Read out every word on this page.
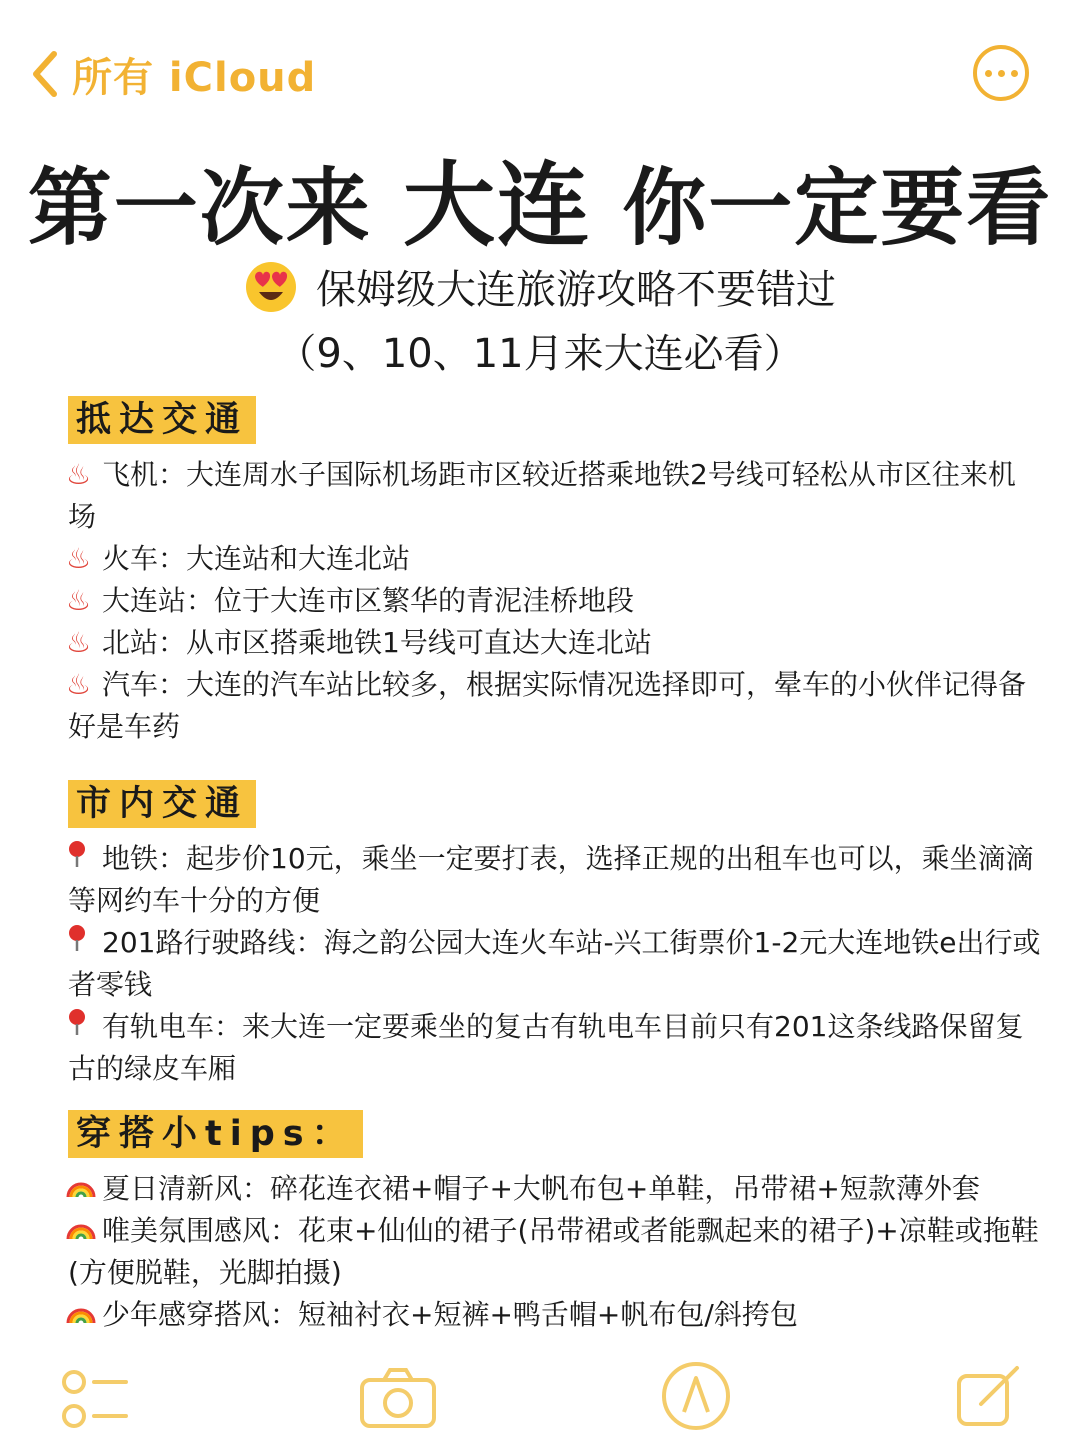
所有 iCloud
第一次来 大连 你一定要看
保姆级大连旅游攻略不要错过
（9、10、11月来大连必看）
抵达交通
♨ 飞机：大连周水子国际机场距市区较近搭乘地铁2号线可轻松从市区往来机场
♨ 火车：大连站和大连北站
♨ 大连站：位于大连市区繁华的青泥洼桥地段
♨ 北站：从市区搭乘地铁1号线可直达大连北站
♨ 汽车：大连的汽车站比较多，根据实际情况选择即可，晕车的小伙伴记得备好是车药
市内交通
地铁：起步价10元，乘坐一定要打表，选择正规的出租车也可以，乘坐滴滴等网约车十分的方便
201路行驶路线：海之韵公园大连火车站-兴工街票价1-2元大连地铁e出行或者零钱
有轨电车：来大连一定要乘坐的复古有轨电车目前只有201这条线路保留复古的绿皮车厢
穿搭小tips：
夏日清新风：碎花连衣裙+帽子+大帆布包+单鞋，吊带裙+短款薄外套
唯美氛围感风：花束+仙仙的裙子(吊带裙或者能飘起来的裙子)+凉鞋或拖鞋(方便脱鞋，光脚拍摄)
少年感穿搭风：短袖衬衣+短裤+鸭舌帽+帆布包/斜挎包
